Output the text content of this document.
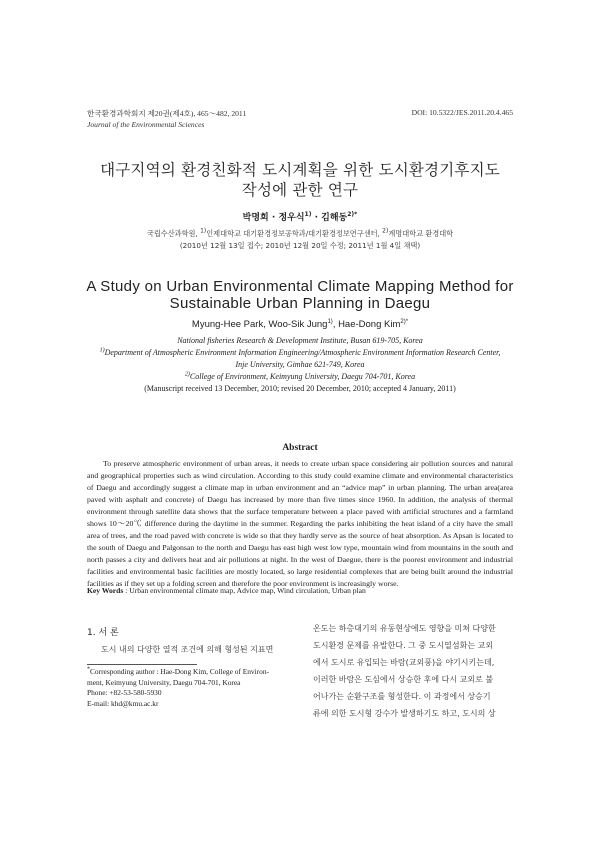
한국환경과학회지 제20권(제4호), 465～482, 2011
Journal of the Environmental Sciences
DOI: 10.5322/JES.2011.20.4.465
대구지역의 환경친화적 도시계획을 위한 도시환경기후지도
작성에 관한 연구
박명희 · 정우식$^{1)}$ · 김해동$^{2)*}$
국립수산과학원, $^{1)}$인제대학교 대기환경정보공학과/대기환경정보연구센터, $^{2)}$계명대학교 환경대학
(2010년 12월 13일 접수; 2010년 12월 20일 수정; 2011년 1월 4일 채택)
A Study on Urban Environmental Climate Mapping Method for
Sustainable Urban Planning in Daegu
Myung-Hee Park, Woo-Sik Jung$^{1)}$, Hae-Dong Kim$^{2)*}$
National fisheries Research & Development Institute, Busan 619-705, Korea
$^{1)}$Department of Atmospheric Environment Information Engineering/Atmospheric Environment Information Research Center,
Inje University, Gimhae 621-749, Korea
$^{2)}$College of Environment, Keimyung University, Daegu 704-701, Korea
(Manuscript received 13 December, 2010; revised 20 December, 2010; accepted 4 January, 2011)
Abstract

To preserve atmospheric environment of urban areas, it needs to create urban space considering air pollution sources and natural and geographical properties such as wind circulation. According to this study could examine climate and environmental characteristics of Daegu and accordingly suggest a climate map in urban environment and an “advice map” in urban planning. The urban area(area paved with asphalt and concrete) of Daegu has increased by more than five times since 1960. In addition, the analysis of thermal environment through satellite data shows that the surface temperature between a place paved with artificial structures and a farmland shows 10～20℃ difference during the daytime in the summer. Regarding the parks inhibiting the heat island of a city have the small area of trees, and the road paved with concrete is wide so that they hardly serve as the source of heat absorption. As Apsan is located to the south of Daegu and Palgonsan to the north and Daegu has east high west low type, mountain wind from mountains in the south and north passes a city and delivers heat and air pollutions at night. In the west of Daegue, there is the poorest environment and industrial facilities and environmental basic facilities are mostly located, so large residential complexes that are being built around the industrial facilities as if they set up a folding screen and therefore the poor environment is increasingly worse.

Key Words : Urban environmental climate map, Advice map, Wind circulation, Urban plan
1. 서 론
도시 내의 다양한 열적 조건에 의해 형성된 지표면
*Corresponding author : Hae-Dong Kim, College of Environ-
ment, Keimyung University, Daegu 704-701, Korea
Phone: +82-53-580-5930
E-mail: khd@kmu.ac.kr

온도는 하층대기의 유동현상에도 영향을 미쳐 다양한

도시환경 문제를 유발한다. 그 중 도시열섬화는 교외

에서 도시로 유입되는 바람(교외풍)을 야기시키는데,

이러한 바람은 도심에서 상승한 후에 다시 교외로 불

어나가는 순환구조를 형성한다. 이 과정에서 상승기

류에 의한 도시형 강수가 발생하기도 하고, 도시의 상
